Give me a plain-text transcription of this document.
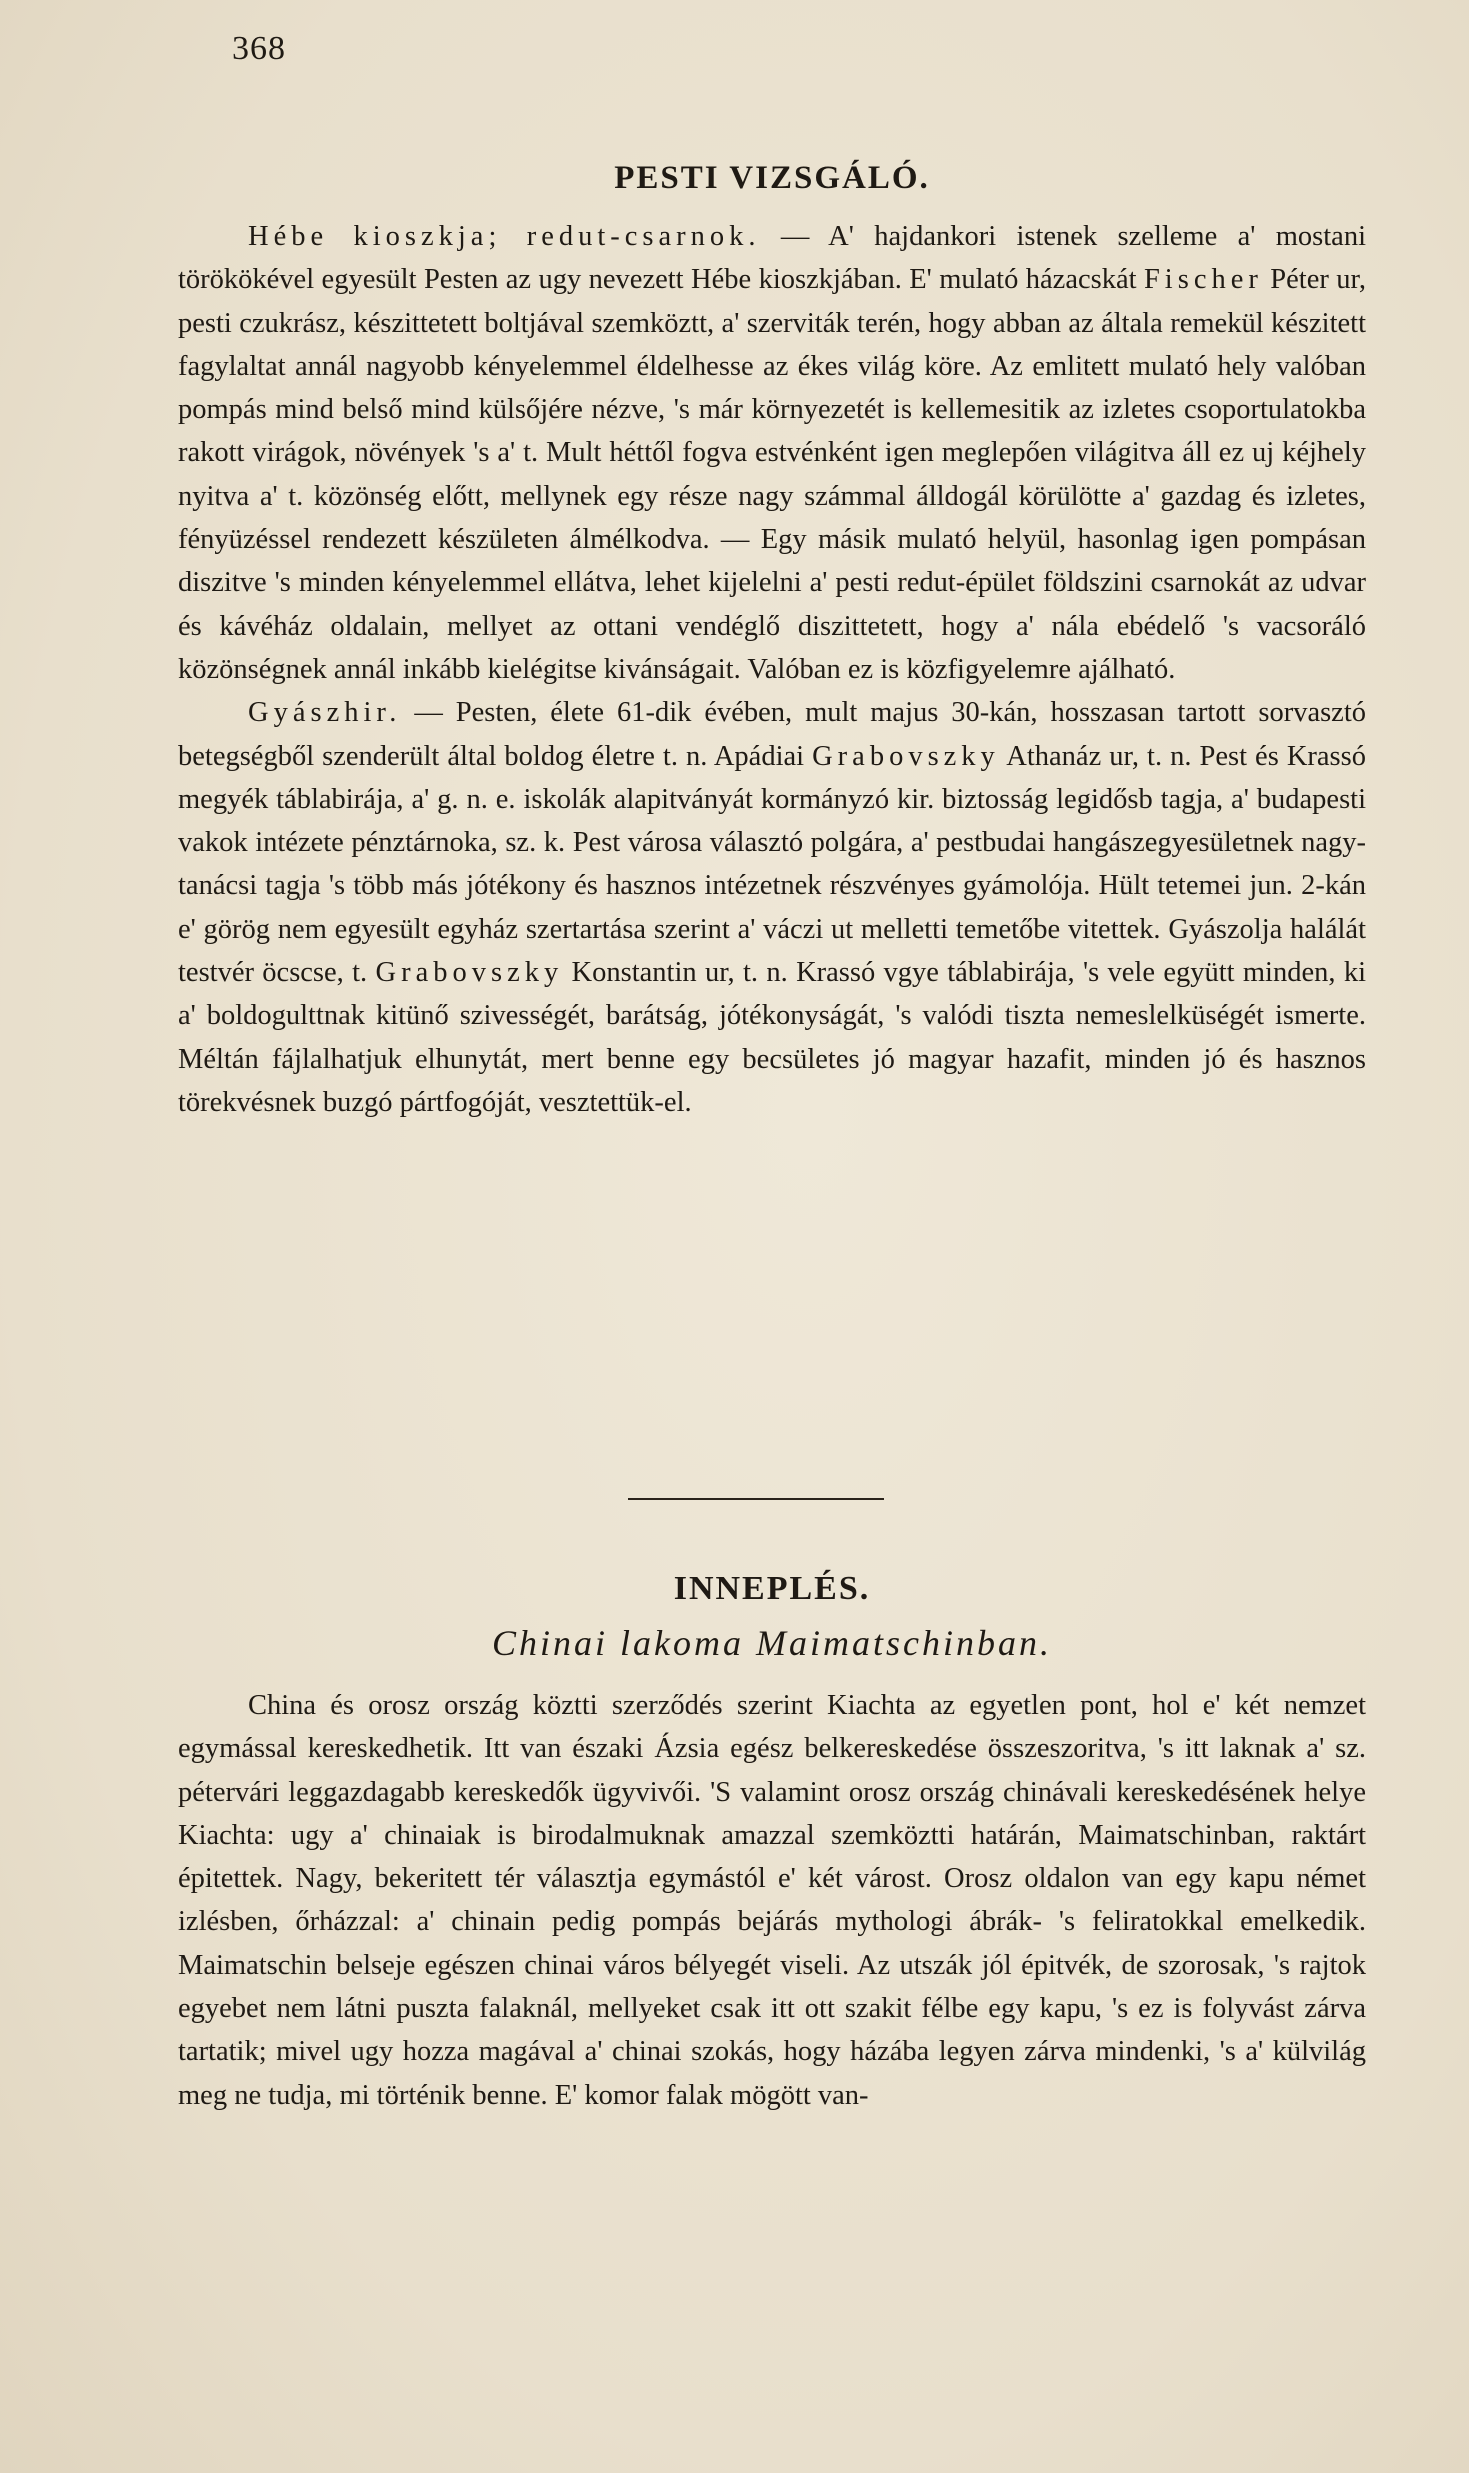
368
PESTI VIZSGÁLÓ.

Hébe kioszkja; redut-csarnok. — A' hajdankori istenek szelleme a' mostani törökökével egyesült Pesten az ugy nevezett Hébe kioszkjában. E' mulató házacskát Fischer Péter ur, pesti czukrász, készittetett boltjával szemköztt, a' szerviták terén, hogy abban az általa remekül készitett fagylaltat annál nagyobb kényelemmel éldelhesse az ékes világ köre. Az emlitett mulató hely valóban pompás mind belső mind külsőjére nézve, 's már környezetét is kellemesitik az izletes csoportulatokba rakott virágok, növények 's a' t. Mult héttől fogva estvénként igen meglepően világitva áll ez uj kéjhely nyitva a' t. közönség előtt, mellynek egy része nagy számmal álldogál körülötte a' gazdag és izletes, fényüzéssel rendezett készületen álmélkodva. — Egy másik mulató helyül, hasonlag igen pompásan diszitve 's minden kényelemmel ellátva, lehet kijelelni a' pesti redut-épület földszini csarnokát az udvar és kávéház oldalain, mellyet az ottani vendéglő diszittetett, hogy a' nála ebédelő 's vacsoráló közönségnek annál inkább kielégitse kivánságait. Valóban ez is közfigyelemre ajálható.

Gyászhir. — Pesten, élete 61-dik évében, mult majus 30-kán, hosszasan tartott sorvasztó betegségből szenderült által boldog életre t. n. Apádiai Grabovszky Athanáz ur, t. n. Pest és Krassó megyék táblabirája, a' g. n. e. iskolák alapitványát kormányzó kir. biztosság legidősb tagja, a' budapesti vakok intézete pénztárnoka, sz. k. Pest városa választó polgára, a' pestbudai hangászegyesületnek nagy-tanácsi tagja 's több más jótékony és hasznos intézetnek részvényes gyámolója. Hült tetemei jun. 2-kán e' görög nem egyesült egyház szertartása szerint a' váczi ut melletti temetőbe vitettek. Gyászolja halálát testvér öcscse, t. Grabovszky Konstantin ur, t. n. Krassó vgye táblabirája, 's vele együtt minden, ki a' boldogulttnak kitünő szivességét, barátság, jótékonyságát, 's valódi tiszta nemeslelküségét ismerte. Méltán fájlalhatjuk elhunytát, mert benne egy becsületes jó magyar hazafit, minden jó és hasznos törekvésnek buzgó pártfogóját, vesztettük-el.

INNEPLÉS.
Chinai lakoma Maimatschinban.

China és orosz ország köztti szerződés szerint Kiachta az egyetlen pont, hol e' két nemzet egymással kereskedhetik. Itt van északi Ázsia egész belkereskedése összeszoritva, 's itt laknak a' sz. pétervári leggazdagabb kereskedők ügyvivői. 'S valamint orosz ország chinávali kereskedésének helye Kiachta: ugy a' chinaiak is birodalmuknak amazzal szemköztti határán, Maimatschinban, raktárt épitettek. Nagy, bekeritett tér választja egymástól e' két várost. Orosz oldalon van egy kapu német izlésben, őrházzal: a' chinain pedig pompás bejárás mythologi ábrák- 's feliratokkal emelkedik. Maimatschin belseje egészen chinai város bélyegét viseli. Az utszák jól épitvék, de szorosak, 's rajtok egyebet nem látni puszta falaknál, mellyeket csak itt ott szakit félbe egy kapu, 's ez is folyvást zárva tartatik; mivel ugy hozza magával a' chinai szokás, hogy házába legyen zárva mindenki, 's a' külvilág meg ne tudja, mi történik benne. E' komor falak mögött van-
